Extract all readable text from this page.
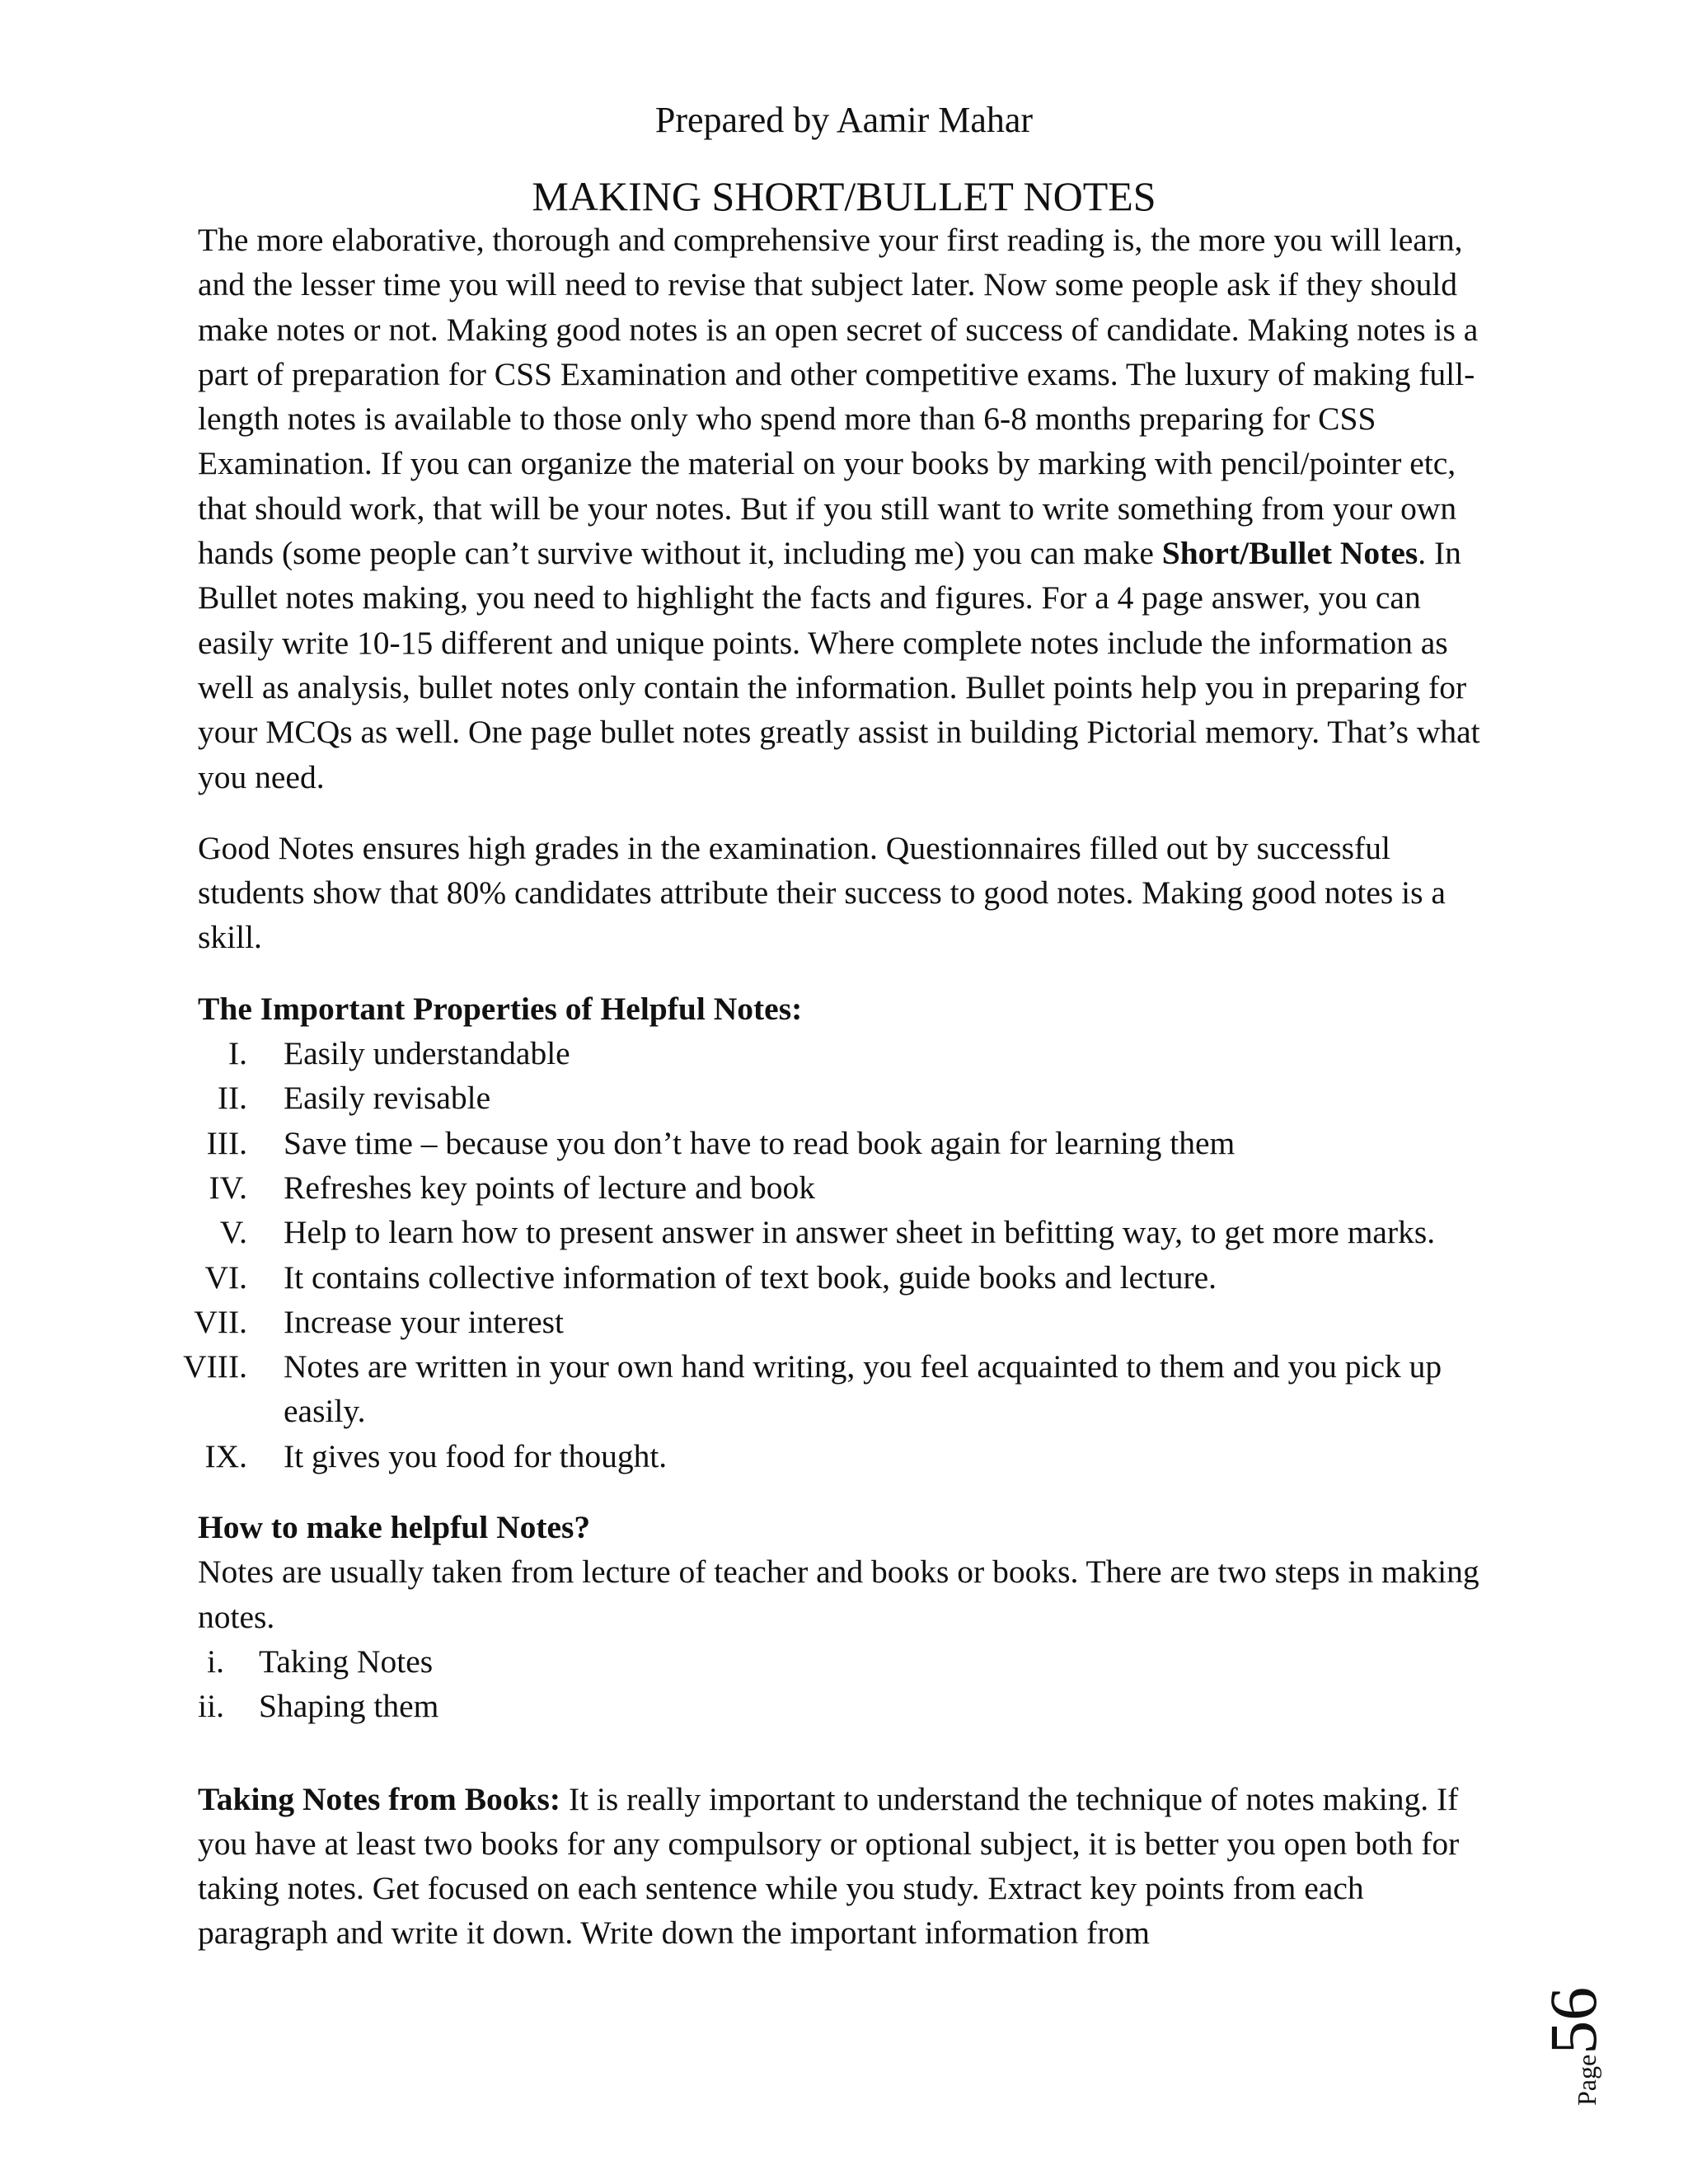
Prepared by Aamir Mahar
MAKING SHORT/BULLET NOTES

The more elaborative, thorough and comprehensive your first reading is, the more you will learn, and the lesser time you will need to revise that subject later. Now some people ask if they should make notes or not. Making good notes is an open secret of success of candidate. Making notes is a part of preparation for CSS Examination and other competitive exams. The luxury of making full-length notes is available to those only who spend more than 6-8 months preparing for CSS Examination. If you can organize the material on your books by marking with pencil/pointer etc, that should work, that will be your notes. But if you still want to write something from your own hands (some people can’t survive without it, including me) you can make Short/Bullet Notes. In Bullet notes making, you need to highlight the facts and figures. For a 4 page answer, you can easily write 10-15 different and unique points. Where complete notes include the information as well as analysis, bullet notes only contain the information. Bullet points help you in preparing for your MCQs as well. One page bullet notes greatly assist in building Pictorial memory. That’s what you need.

Good Notes ensures high grades in the examination. Questionnaires filled out by successful students show that 80% candidates attribute their success to good notes. Making good notes is a skill.

The Important Properties of Helpful Notes:

I. Easily understandable
II. Easily revisable
III. Save time – because you don’t have to read book again for learning them
IV. Refreshes key points of lecture and book
V. Help to learn how to present answer in answer sheet in befitting way, to get more marks.
VI. It contains collective information of text book, guide books and lecture.
VII. Increase your interest
VIII. Notes are written in your own hand writing, you feel acquainted to them and you pick up easily.
IX. It gives you food for thought.

How to make helpful Notes?

Notes are usually taken from lecture of teacher and books or books. There are two steps in making notes.

i. Taking Notes
ii. Shaping them

Taking Notes from Books: It is really important to understand the technique of notes making. If you have at least two books for any compulsory or optional subject, it is better you open both for taking notes. Get focused on each sentence while you study. Extract key points from each paragraph and write it down. Write down the important information from

Page56
